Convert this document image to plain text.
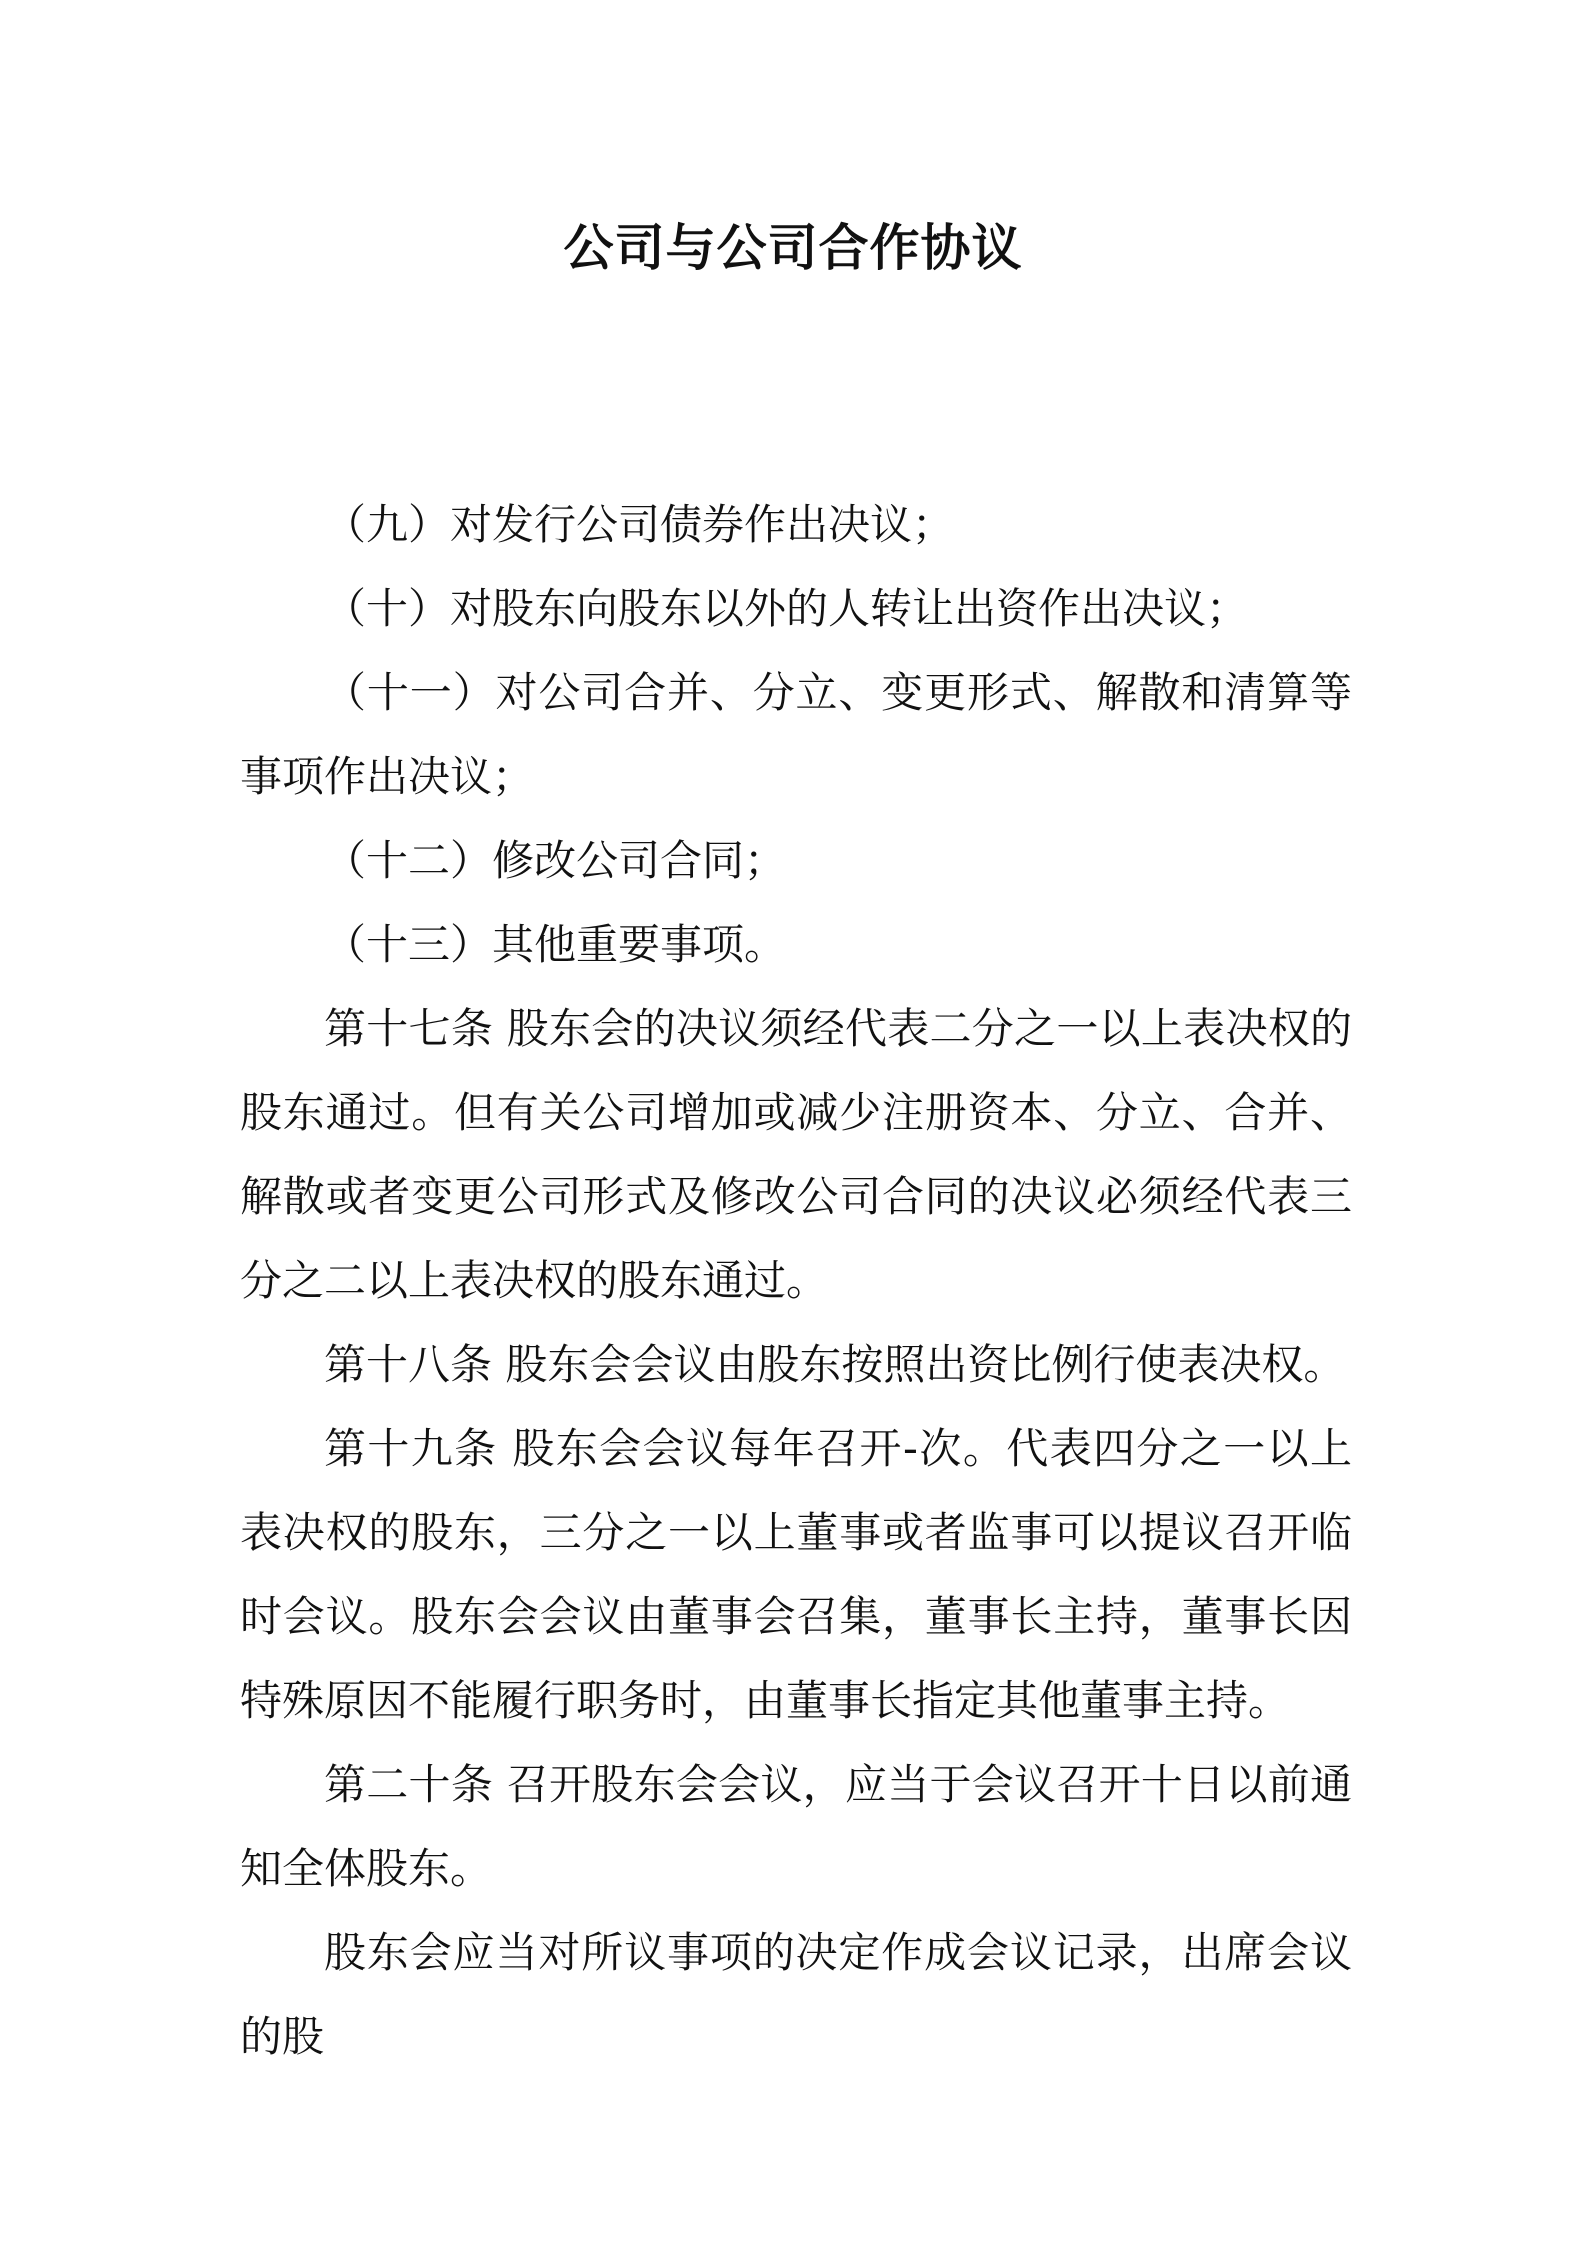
公司与公司合作协议

（九）对发行公司债券作出决议；

（十）对股东向股东以外的人转让出资作出决议；

（十一）对公司合并、分立、变更形式、解散和清算等事项作出决议；

（十二）修改公司合同；

（十三）其他重要事项。

第十七条 股东会的决议须经代表二分之一以上表决权的股东通过。但有关公司增加或减少注册资本、分立、合并、解散或者变更公司形式及修改公司合同的决议必须经代表三分之二以上表决权的股东通过。

第十八条 股东会会议由股东按照出资比例行使表决权。

第十九条 股东会会议每年召开-次。代表四分之一以上表决权的股东，三分之一以上董事或者监事可以提议召开临时会议。股东会会议由董事会召集，董事长主持，董事长因特殊原因不能履行职务时，由董事长指定其他董事主持。

第二十条 召开股东会会议，应当于会议召开十日以前通知全体股东。

股东会应当对所议事项的决定作成会议记录，出席会议的股
